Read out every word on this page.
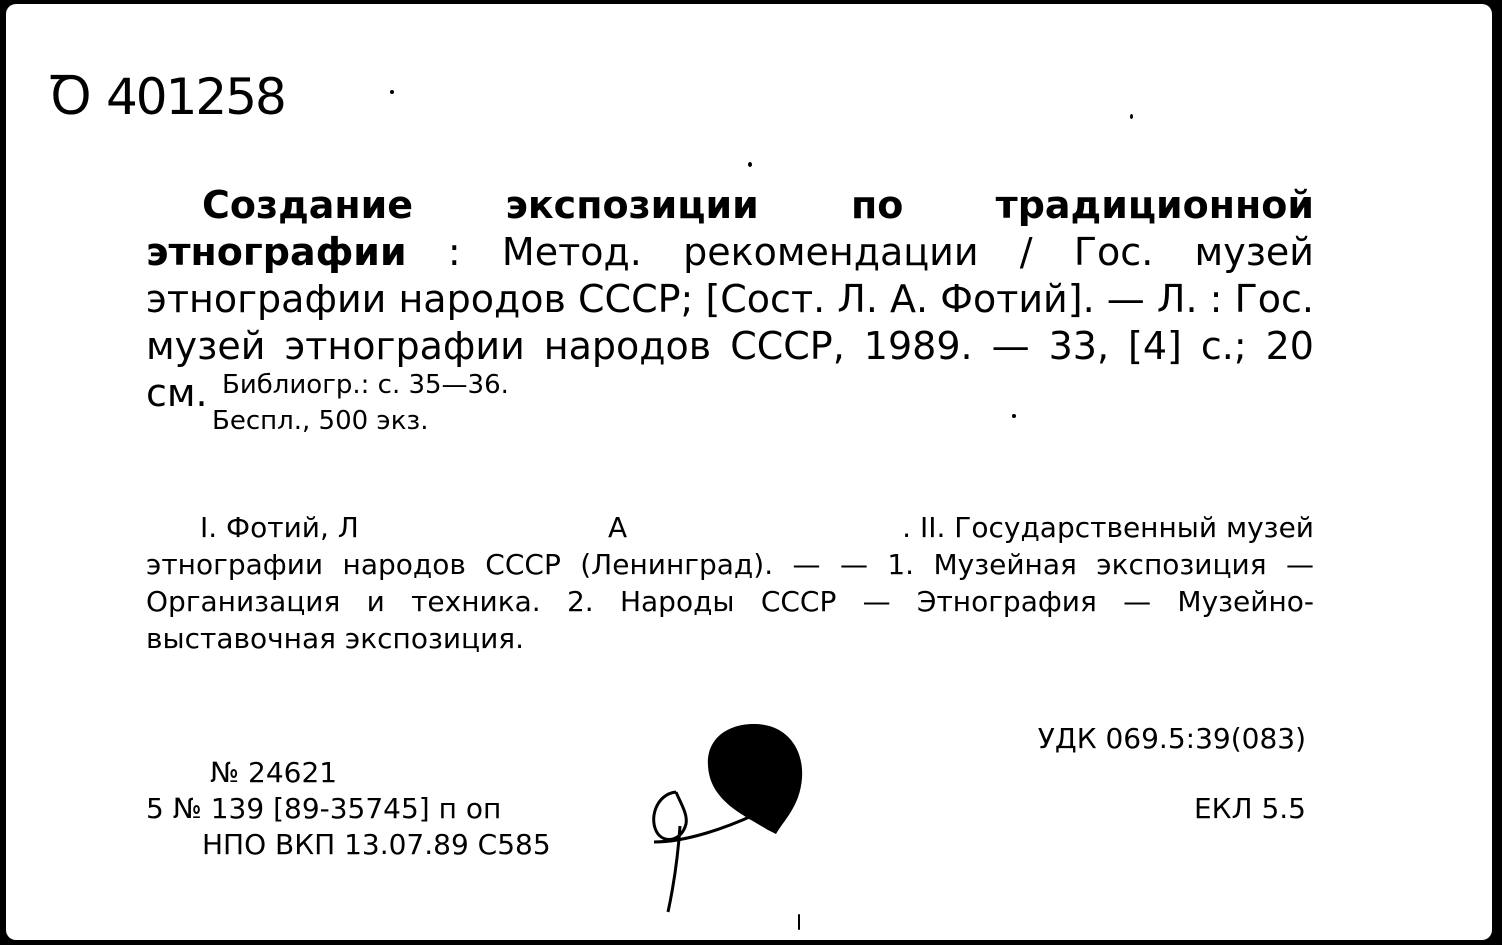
Ꝺ 401258
Создание экспозиции по традиционной этнографии : Метод. рекомендации / Гос. музей этнографии народов СССР; [Сост. Л. А. Фотий]. — Л. : Гос. музей этнографии народов СССР, 1989. — 33, [4] с.; 20 см. Библиогр.: с. 35—36.
Беспл., 500 экз.
I. Фотий, Л	А	. II. Государственный музей
этнографии народов СССР (Ленинград). — — 1. Музейная экспозиция — Организация и техника. 2. Народы СССР — Этнография — Музейно-выставочная экспозиция.
УДК 069.5:39(083)
ЕКЛ 5.5
№ 24621
5 № 139 [89-35745] п оп
НПО ВКП 13.07.89 С585
